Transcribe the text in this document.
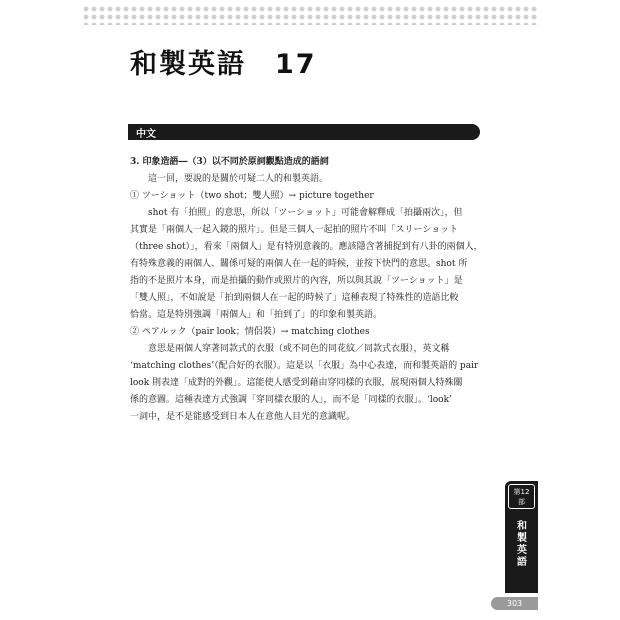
和製英語　17
中文

3. 印象造語―（3）以不同於原詞觀點造成的語詞

這一回，要說的是關於可疑二人的和製英語。

① ツーショット（two shot；雙人照）→ picture together

shot 有「拍照」的意思，所以「ツーショット」可能會解釋成「拍攝兩次」，但

其實是「兩個人一起入鏡的照片」。但是三個人一起拍的照片不叫「スリーショット

（three shot）」，看來「兩個人」是有特別意義的。應該隱含著捕捉到有八卦的兩個人，

有特殊意義的兩個人、關係可疑的兩個人在一起的時候，並按下快門的意思。shot 所

指的不是照片本身，而是拍攝的動作或照片的內容，所以與其說「ツーショット」是

「雙人照」，不如說是「拍到兩個人在一起的時候了」這種表現了特殊性的造語比較

恰當。這是特別強調「兩個人」和「拍到了」的印象和製英語。

② ペアルック（pair look；情侶裝）→ matching clothes

意思是兩個人穿著同款式的衣服（或不同色的同花紋／同款式衣服），英文稱

‘matching clothes’（配合好的衣服）。這是以「衣服」為中心表達，而和製英語的 pair

look 則表達「成對的外觀」。這能使人感受到藉由穿同樣的衣服，展現兩個人特殊關

係的意圖。這種表達方式強調「穿同樣衣服的人」，而不是「同樣的衣服」。‘look’

一詞中，是不是能感受到日本人在意他人目光的意識呢。

第12
部
和製英語
303
